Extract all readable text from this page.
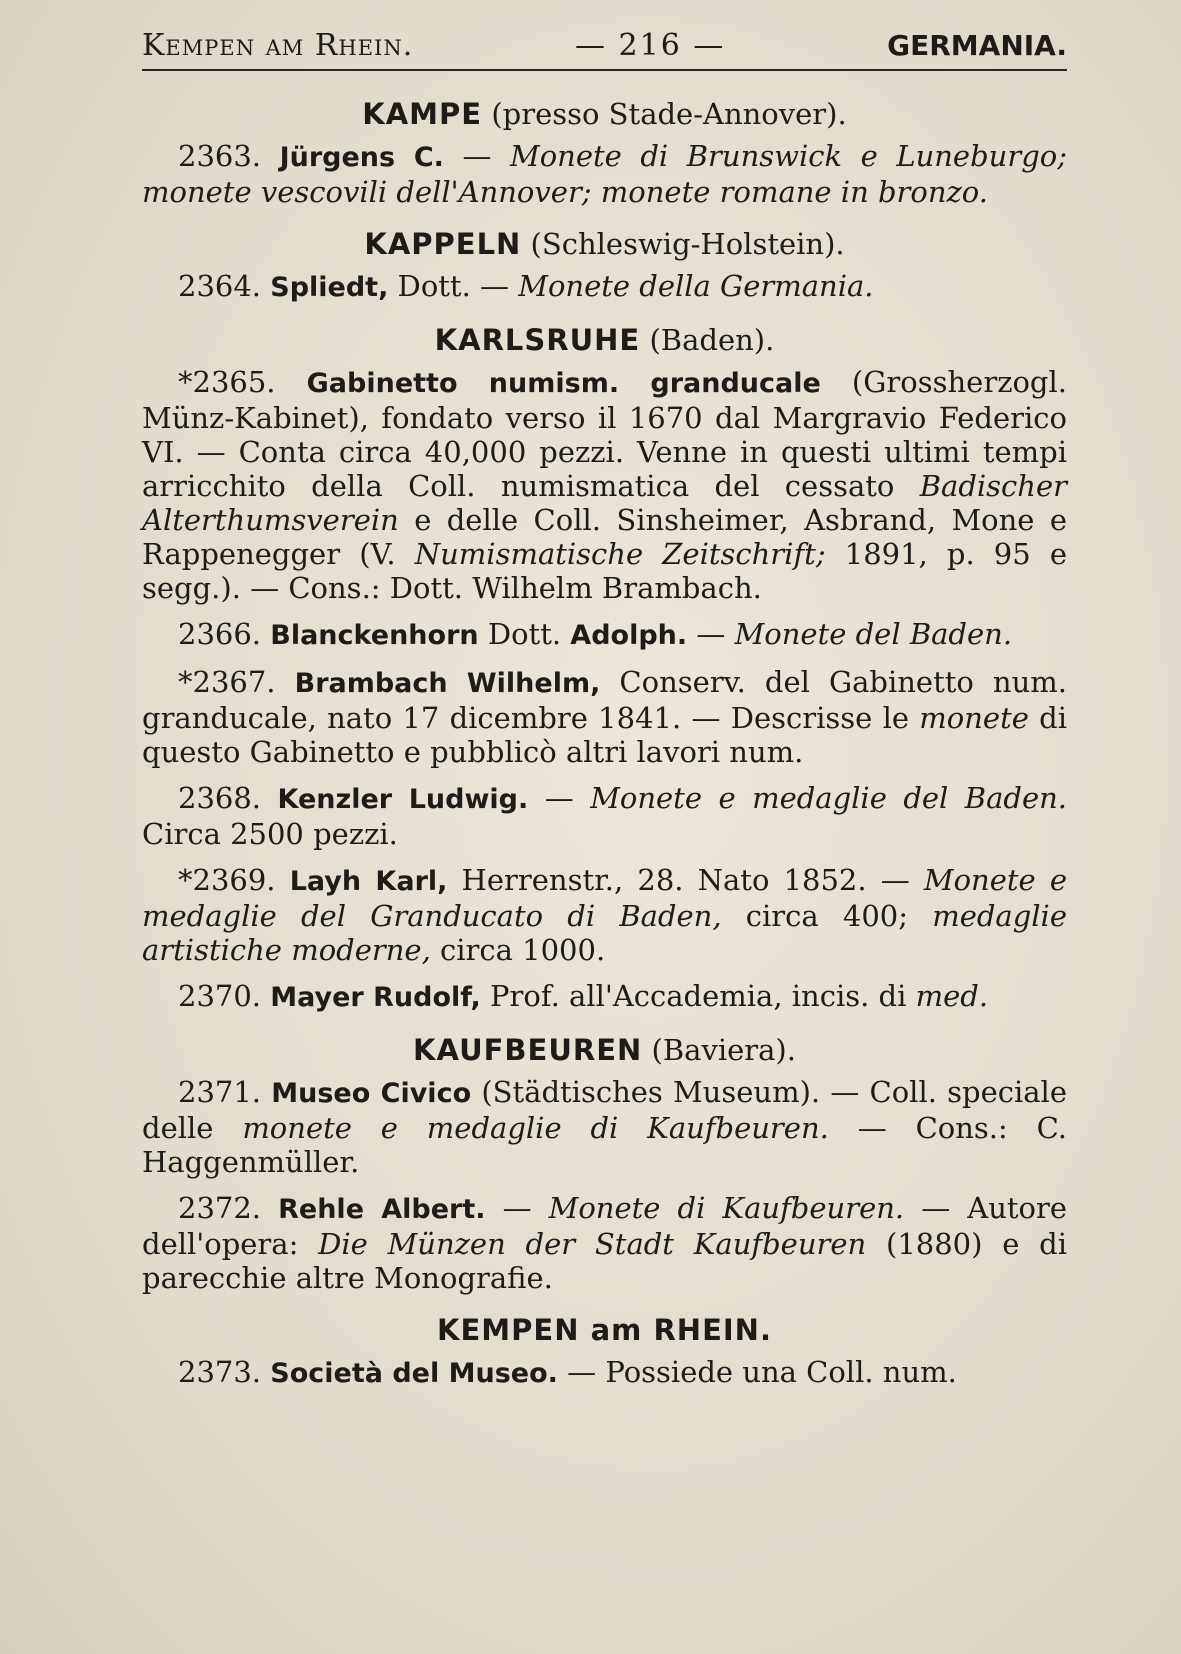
Kempen am Rhein.	— 216 —	GERMANIA.
KAMPE (presso Stade-Annover).
2363. Jürgens C. — Monete di Brunswick e Luneburgo; monete vescovili dell'Annover; monete romane in bronzo.
KAPPELN (Schleswig-Holstein).
2364. Spliedt, Dott. — Monete della Germania.
KARLSRUHE (Baden).
*2365. Gabinetto numism. granducale (Grossherzogl. Münz-Kabinet), fondato verso il 1670 dal Margravio Federico VI. — Conta circa 40,000 pezzi. Venne in questi ultimi tempi arricchito della Coll. numismatica del cessato Badischer Alterthumsverein e delle Coll. Sinsheimer, Asbrand, Mone e Rappenegger (V. Numismatische Zeitschrift; 1891, p. 95 e segg.). — Cons.: Dott. Wilhelm Brambach.
2366. Blanckenhorn Dott. Adolph. — Monete del Baden.
*2367. Brambach Wilhelm, Conserv. del Gabinetto num. granducale, nato 17 dicembre 1841. — Descrisse le monete di questo Gabinetto e pubblicò altri lavori num.
2368. Kenzler Ludwig. — Monete e medaglie del Baden. Circa 2500 pezzi.
*2369. Layh Karl, Herrenstr., 28. Nato 1852. — Monete e medaglie del Granducato di Baden, circa 400; medaglie artistiche moderne, circa 1000.
2370. Mayer Rudolf, Prof. all'Accademia, incis. di med.
KAUFBEUREN (Baviera).
2371. Museo Civico (Städtisches Museum). — Coll. speciale delle monete e medaglie di Kaufbeuren. — Cons.: C. Haggenmüller.
2372. Rehle Albert. — Monete di Kaufbeuren. — Autore dell'opera: Die Münzen der Stadt Kaufbeuren (1880) e di parecchie altre Monografie.
KEMPEN am RHEIN.
2373. Società del Museo. — Possiede una Coll. num.
